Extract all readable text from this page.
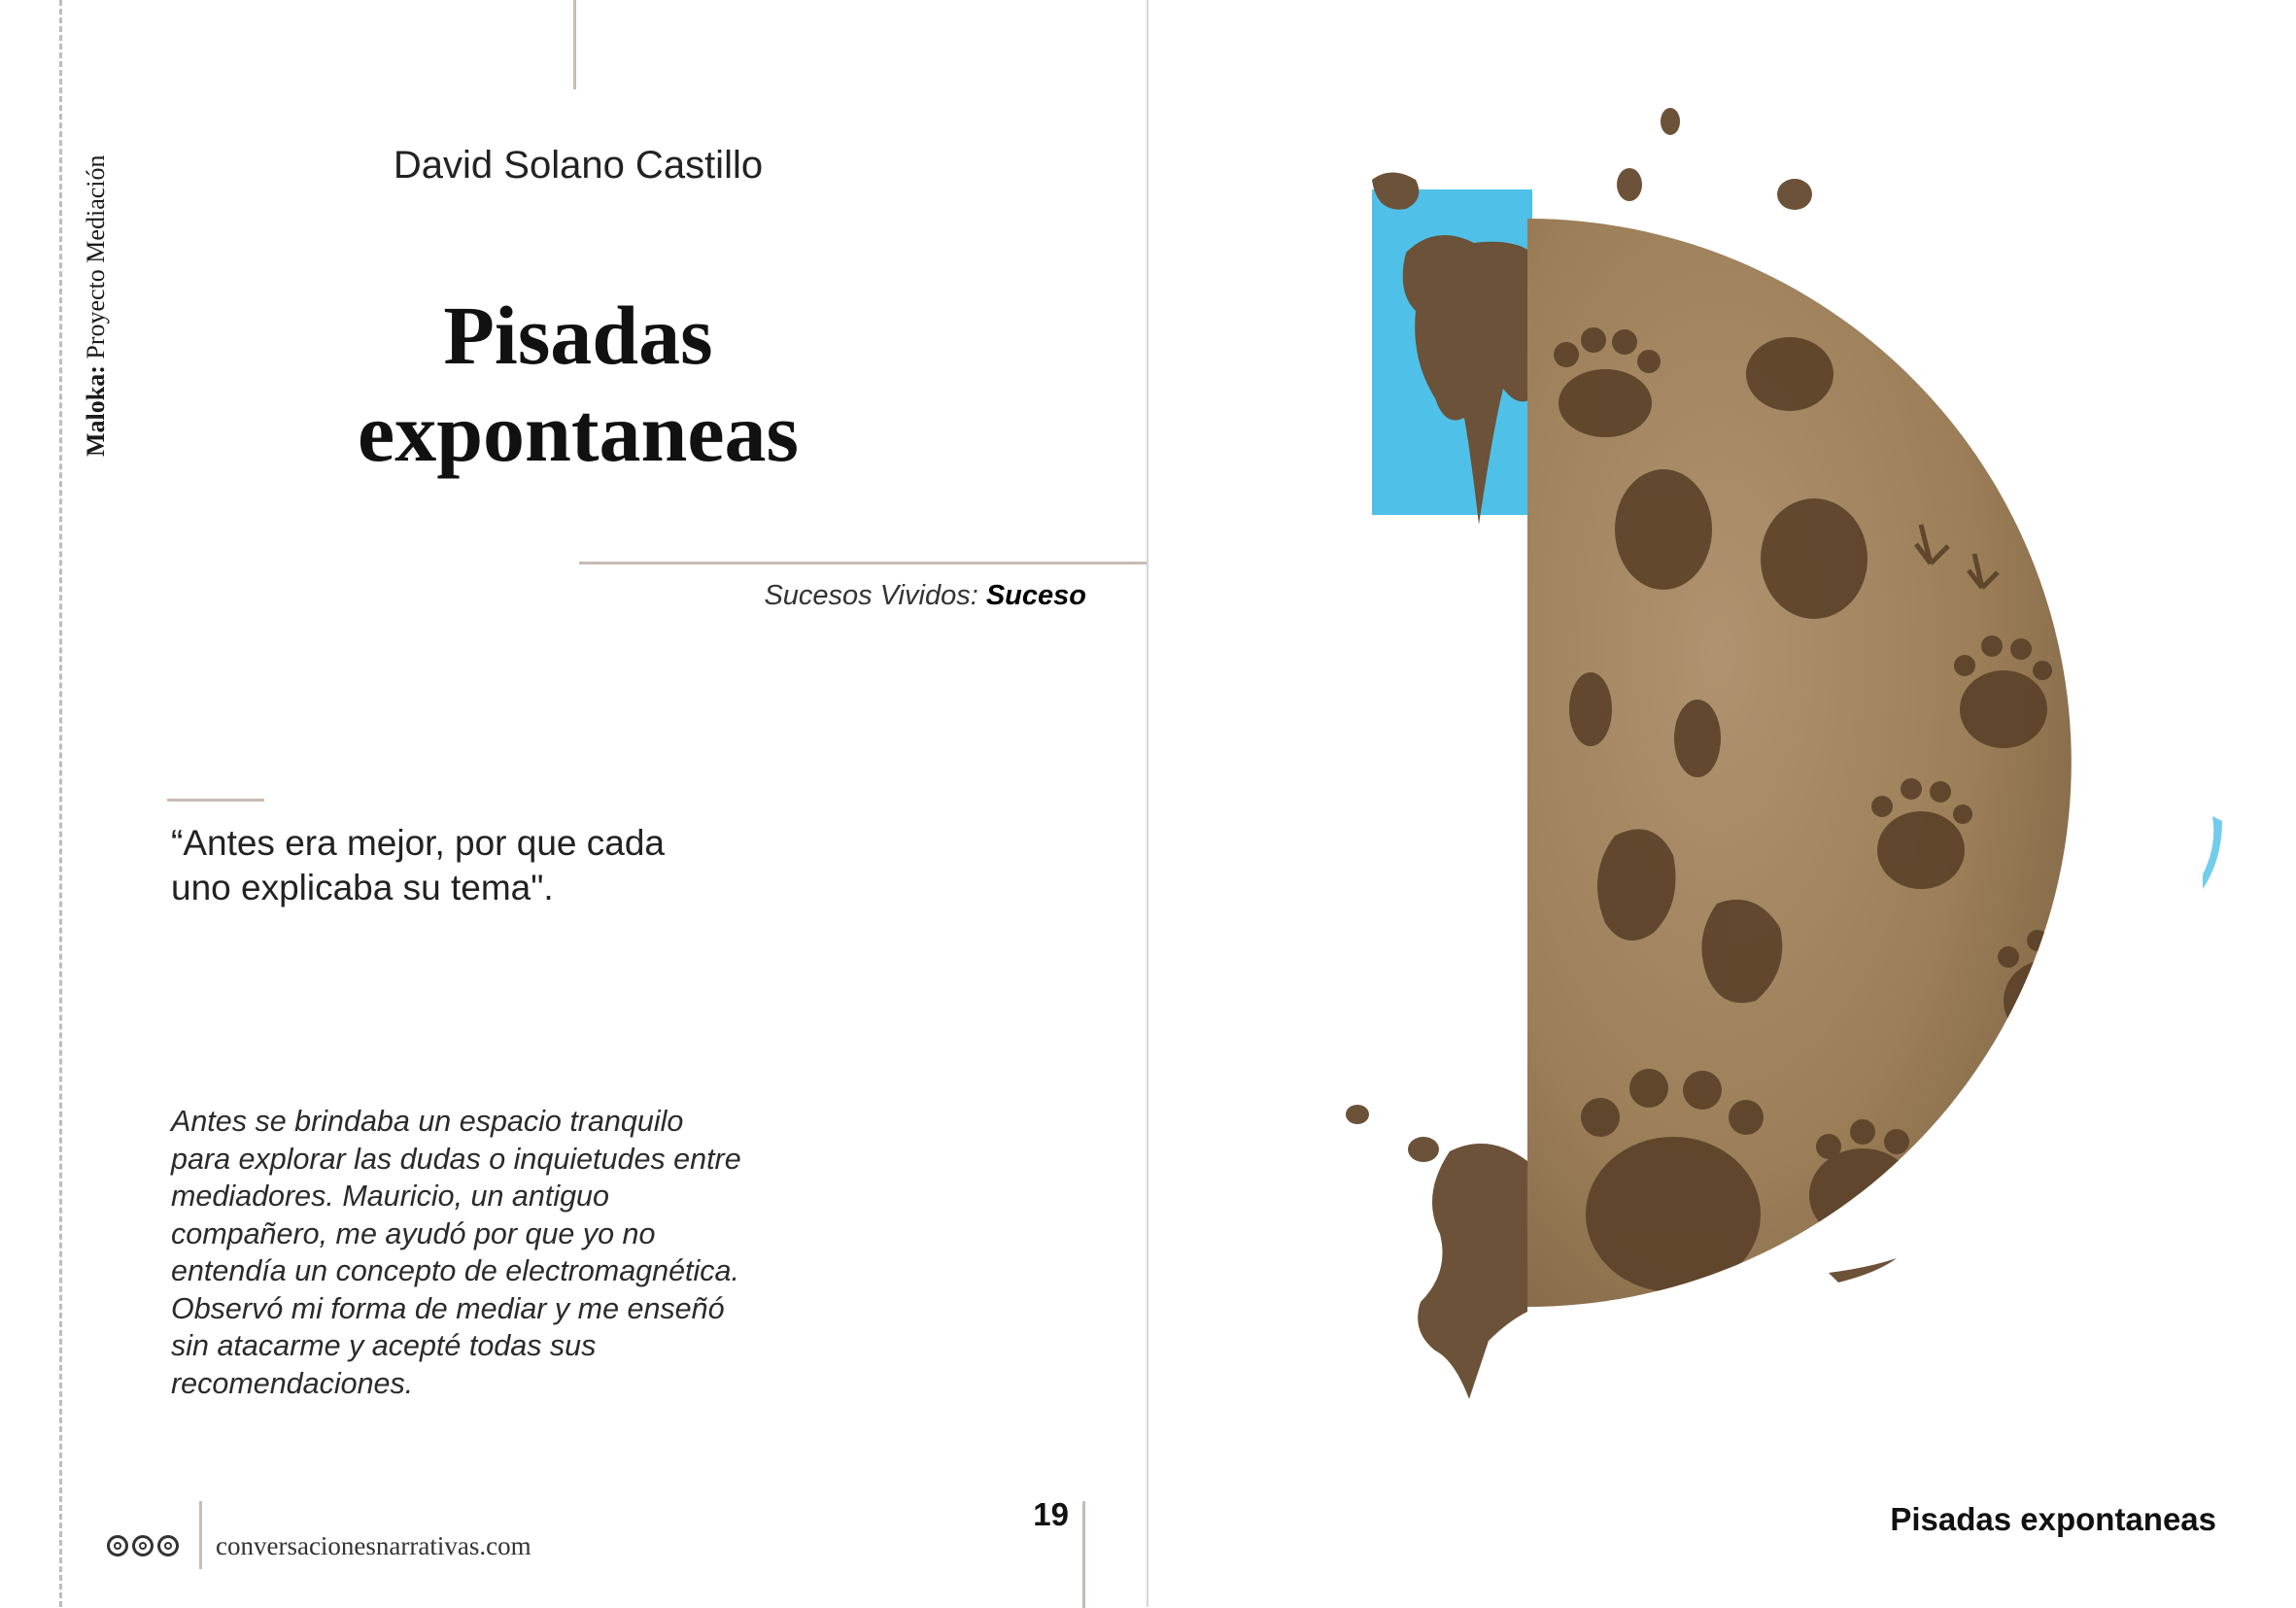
Maloka: Proyecto Mediación	David Solano Castillo
Pisadas
expontaneas
Sucesos Vividos: Suceso
“Antes era mejor, por que cada
uno explicaba su tema".
Antes se brindaba un espacio tranquilo
para explorar las dudas o inquietudes entre
mediadores. Mauricio, un antiguo
compañero, me ayudó por que yo no
entendía un concepto de electromagnética.
Observó mi forma de mediar y me enseñó
sin atacarme y acepté todas sus
recomendaciones.
conversacionesnarrativas.com
19	Pisadas expontaneas
